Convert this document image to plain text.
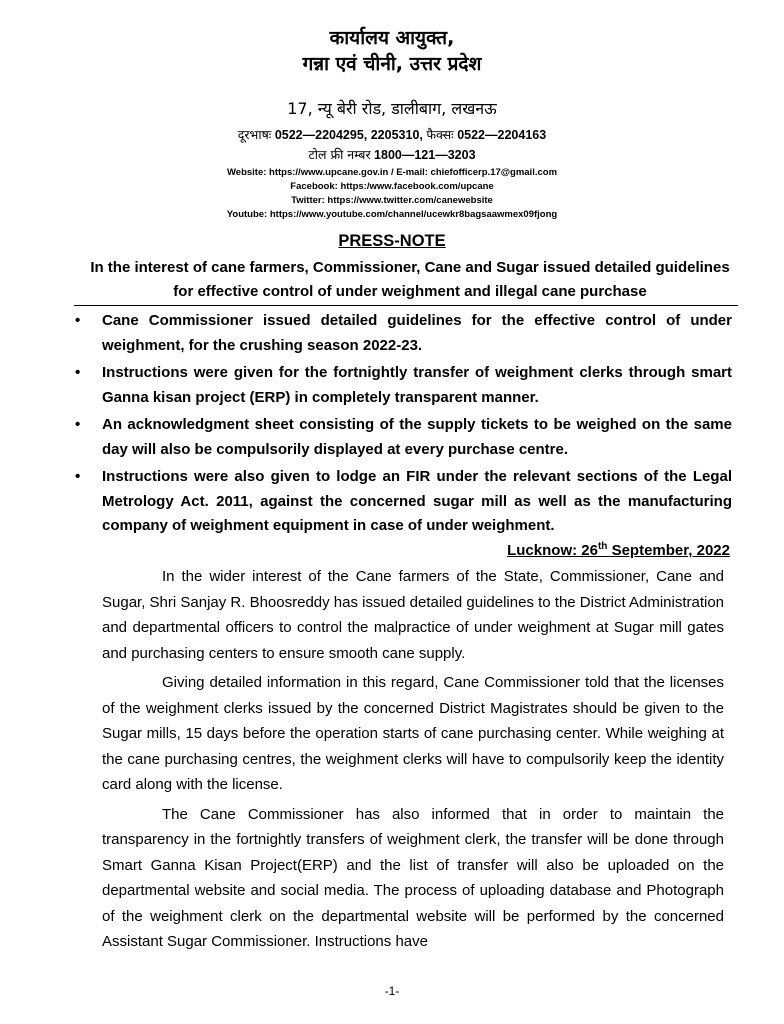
कार्यालय आयुक्त,
गन्ना एवं चीनी, उत्तर प्रदेश
17, न्यू बेरी रोड, डालीबाग, लखनऊ
दूरभाषः 0522—2204295, 2205310, फैक्सः 0522—2204163
टोल फ्री नम्बर 1800—121—3203
Website: https://www.upcane.gov.in / E-mail: chiefofficerp.17@gmail.com
Facebook: https:/www.facebook.com/upcane
Twitter: https://www.twitter.com/canewebsite
Youtube: https://www.youtube.com/channel/ucewkr8bagsaawmex09fjong
PRESS-NOTE
In the interest of cane farmers, Commissioner, Cane and Sugar issued detailed guidelines for effective control of under weighment and illegal cane purchase
• Cane Commissioner issued detailed guidelines for the effective control of under weighment, for the crushing season 2022-23.
• Instructions were given for the fortnightly transfer of weighment clerks through smart Ganna kisan project (ERP) in completely transparent manner.
• An acknowledgment sheet consisting of the supply tickets to be weighed on the same day will also be compulsorily displayed at every purchase centre.
• Instructions were also given to lodge an FIR under the relevant sections of the Legal Metrology Act. 2011, against the concerned sugar mill as well as the manufacturing company of weighment equipment in case of under weighment.
Lucknow: 26th September, 2022

In the wider interest of the Cane farmers of the State, Commissioner, Cane and Sugar, Shri Sanjay R. Bhoosreddy has issued detailed guidelines to the District Administration and departmental officers to control the malpractice of under weighment at Sugar mill gates and purchasing centers to ensure smooth cane supply.

Giving detailed information in this regard, Cane Commissioner told that the licenses of the weighment clerks issued by the concerned District Magistrates should be given to the Sugar mills, 15 days before the operation starts of cane purchasing center. While weighing at the cane purchasing centres, the weighment clerks will have to compulsorily keep the identity card along with the license.

The Cane Commissioner has also informed that in order to maintain the transparency in the fortnightly transfers of weighment clerk, the transfer will be done through Smart Ganna Kisan Project(ERP) and the list of transfer will also be uploaded on the departmental website and social media. The process of uploading database and Photograph of the weighment clerk on the departmental website will be performed by the concerned Assistant Sugar Commissioner. Instructions have

-1-
